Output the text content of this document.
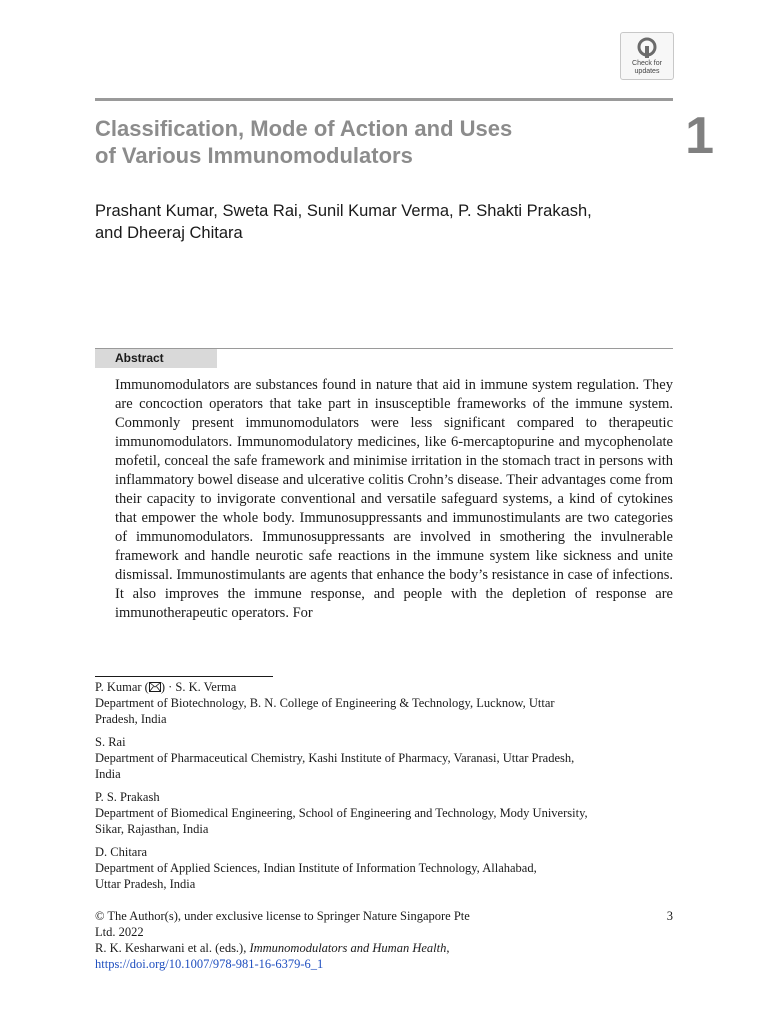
Check for
updates
Classification, Mode of Action and Uses
of Various Immunomodulators	1
Prashant Kumar, Sweta Rai, Sunil Kumar Verma, P. Shakti Prakash,
and Dheeraj Chitara
Abstract
Immunomodulators are substances found in nature that aid in immune system regulation. They are concoction operators that take part in insusceptible frameworks of the immune system. Commonly present immunomodulators were less significant compared to therapeutic immunomodulators. Immunomodulatory medicines, like 6-mercaptopurine and mycophenolate mofetil, conceal the safe framework and minimise irritation in the stomach tract in persons with inflammatory bowel disease and ulcerative colitis Crohn’s disease. Their advantages come from their capacity to invigorate conventional and versatile safeguard systems, a kind of cytokines that empower the whole body. Immunosuppressants and immunostimulants are two categories of immunomodulators. Immunosuppressants are involved in smothering the invulnerable framework and handle neurotic safe reactions in the immune system like sickness and unite dismissal. Immunostimulants are agents that enhance the body’s resistance in case of infections. It also improves the immune response, and people with the depletion of response are immunotherapeutic operators. For
P. Kumar ( ) · S. K. Verma
Department of Biotechnology, B. N. College of Engineering & Technology, Lucknow, Uttar
Pradesh, India
S. Rai
Department of Pharmaceutical Chemistry, Kashi Institute of Pharmacy, Varanasi, Uttar Pradesh,
India
P. S. Prakash
Department of Biomedical Engineering, School of Engineering and Technology, Mody University,
Sikar, Rajasthan, India
D. Chitara
Department of Applied Sciences, Indian Institute of Information Technology, Allahabad,
Uttar Pradesh, India
© The Author(s), under exclusive license to Springer Nature Singapore Pte
Ltd. 2022
3
R. K. Kesharwani et al. (eds.), Immunomodulators and Human Health,
https://doi.org/10.1007/978-981-16-6379-6_1
